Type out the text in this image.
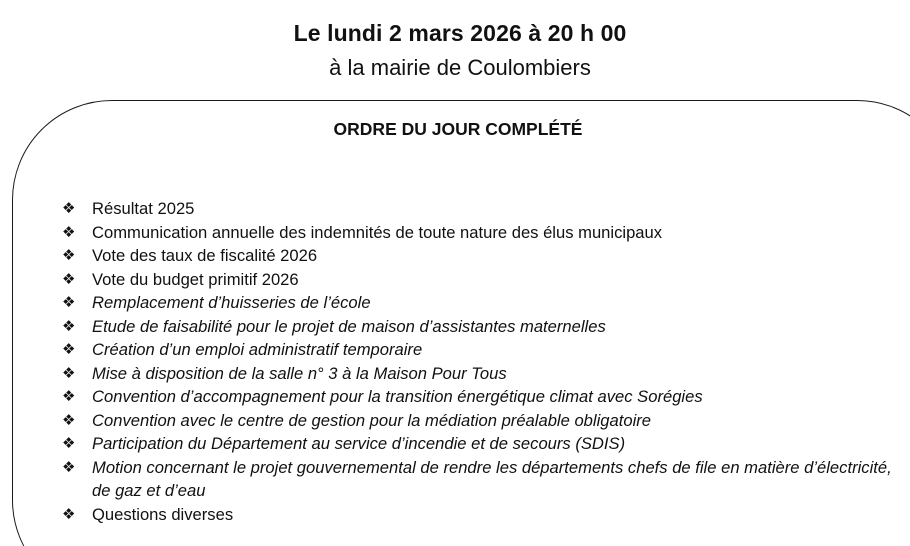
Le lundi 2 mars 2026 à 20 h 00
à la mairie de Coulombiers
ORDRE DU JOUR COMPLÉTÉ
❖ Résultat 2025
❖ Communication annuelle des indemnités de toute nature des élus municipaux
❖ Vote des taux de fiscalité 2026
❖ Vote du budget primitif 2026
❖ Remplacement d’huisseries de l’école
❖ Etude de faisabilité pour le projet de maison d’assistantes maternelles
❖ Création d’un emploi administratif temporaire
❖ Mise à disposition de la salle n° 3 à la Maison Pour Tous
❖ Convention d’accompagnement pour la transition énergétique climat avec Sorégies
❖ Convention avec le centre de gestion pour la médiation préalable obligatoire
❖ Participation du Département au service d’incendie et de secours (SDIS)
❖ Motion concernant le projet gouvernemental de rendre les départements chefs de file en matière d’électricité, de gaz et d’eau
❖ Questions diverses
